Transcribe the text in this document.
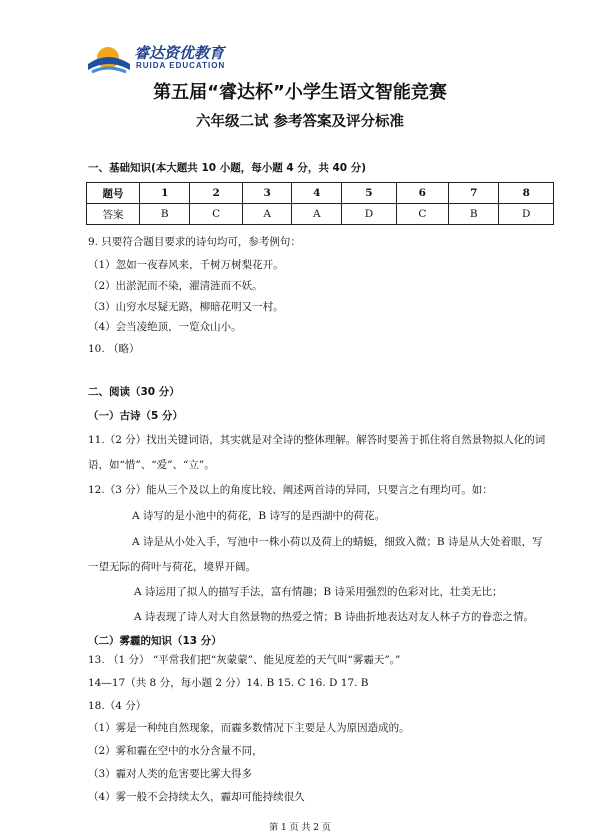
睿达资优教育
RUIDA EDUCATION
第五届“睿达杯”小学生语文智能竞赛
六年级二试 参考答案及评分标准
一、基础知识(本大题共 10 小题，每小题 4 分，共 40 分)
题号	1	2	3	4	5	6	7	8
答案	B	C	A	A	D	C	B	D
9. 只要符合题目要求的诗句均可，参考例句：
（1）忽如一夜春风来，千树万树梨花开。
（2）出淤泥而不染，濯清涟而不妖。
（3）山穷水尽疑无路，柳暗花明又一村。
（4）会当凌绝顶，一览众山小。
10. （略）
二、阅读（30 分）
（一）古诗（5 分）
11.（2 分）找出关键词语，其实就是对全诗的整体理解。解答时要善于抓住将自然景物拟人化的词
语，如“惜”、“爱”、“立”。
12.（3 分）能从三个及以上的角度比较、阐述两首诗的异同，只要言之有理均可。如：
A 诗写的是小池中的荷花，B 诗写的是西湖中的荷花。
A 诗是从小处入手，写池中一株小荷以及荷上的蜻蜓，细致入微；B 诗是从大处着眼，写
一望无际的荷叶与荷花，境界开阔。
A 诗运用了拟人的描写手法，富有情趣；B 诗采用强烈的色彩对比，壮美无比；
A 诗表现了诗人对大自然景物的热爱之情；B 诗曲折地表达对友人林子方的眷恋之情。
（二）雾霾的知识（13 分）
13. （1 分） “平常我们把“灰蒙蒙”、能见度差的天气叫“雾霾天”。”
14—17（共 8 分，每小题 2 分）14. B 15. C 16. D 17. B
18.（4 分）
（1）雾是一种纯自然现象，而霾多数情况下主要是人为原因造成的。
（2）雾和霾在空中的水分含量不同，
（3）霾对人类的危害要比雾大得多
（4）雾一般不会持续太久，霾却可能持续很久
第 1 页 共 2 页
